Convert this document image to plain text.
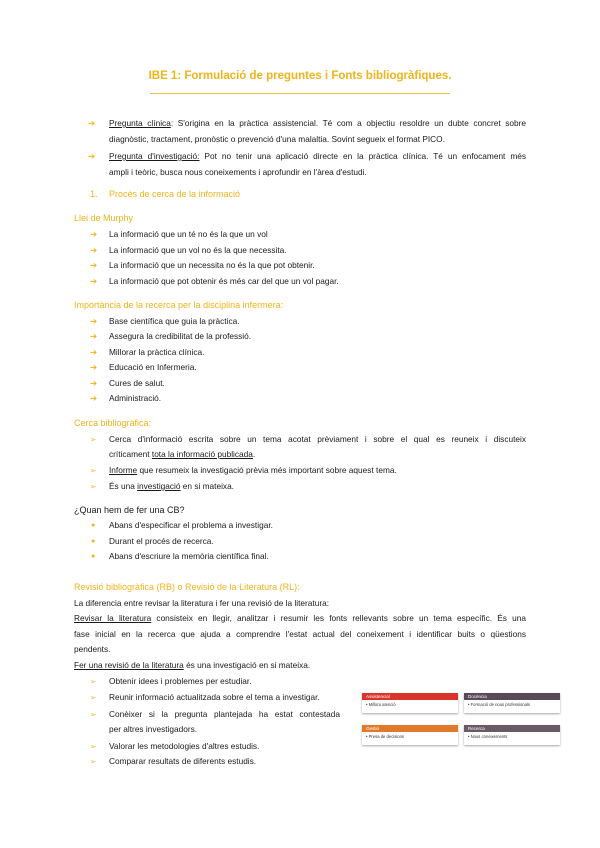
IBE 1: Formulació de preguntes i Fonts bibliogràfiques.
➔ Pregunta clínica: S'origina en la pràctica assistencial. Té com a objectiu resoldre un dubte concret sobre
diagnòstic, tractament, pronòstic o prevenció d'una malaltia. Sovint segueix el format PICO.
➔ Pregunta d'investigació: Pot no tenir una aplicació directe en la pràctica clínica. Té un enfocament més
ampli i teòric, busca nous coneixements i aprofundir en l'àrea d'estudi.
1. Procés de cerca de la informació
Llei de Murphy
➔ La informació que un té no és la que un vol
➔ La informació que un vol no és la que necessita.
➔ La informació que un necessita no és la que pot obtenir.
➔ La informació que pot obtenir és més car del que un vol pagar.
Importància de la recerca per la disciplina infermera:
➔ Base científica que guia la pràctica.
➔ Assegura la credibilitat de la professió.
➔ Millorar la pràctica clínica.
➔ Educació en Infermeria.
➔ Cures de salut.
➔ Administració.
Cerca bibliogràfica:
➢ Cerca d'informació escrita sobre un tema acotat prèviament i sobre el qual es reuneix i discuteix
críticament tota la informació publicada.
➢ Informe que resumeix la investigació prèvia més important sobre aquest tema.
➢ És una investigació en si mateixa.
¿Quan hem de fer una CB?
● Abans d'especificar el problema a investigar.
● Durant el procés de recerca.
● Abans d'escriure la memòria científica final.
Revisió bibliogràfica (RB) o Revisió de la Literatura (RL):
La diferencia entre revisar la literatura i fer una revisió de la literatura:
Revisar la literatura consisteix en llegir, analitzar i resumir les fonts rellevants sobre un tema específic. És una
fase inicial en la recerca que ajuda a comprendre l'estat actual del coneixement i identificar buits o qüestions
pendents.
Fer una revisió de la literatura és una investigació en si mateixa.
➢ Obtenir idees i problemes per estudiar.
➢ Reunir informació actualitzada sobre el tema a investigar.
➢ Conèixer si la pregunta plantejada ha estat contestada
per altres investigadors.
➢ Valorar les metodologies d'altres estudis.
➢ Comparar resultats de diferents estudis.
Assistencial
• Millora atenció
Docència
• Formació de nous professionals
Gestió
• Presa de decisions
Recerca
• Nous coneixements
